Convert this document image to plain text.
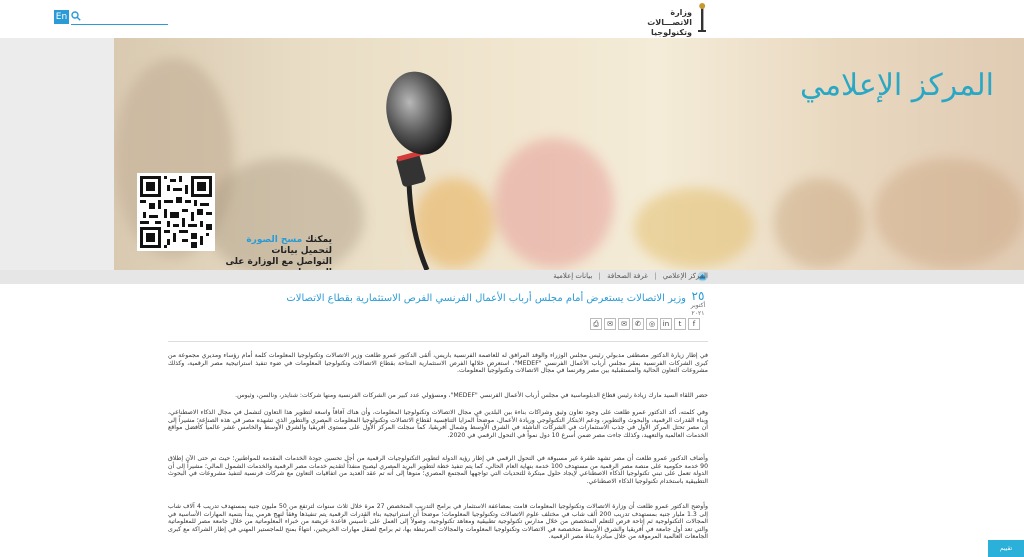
En	وزارة الاتصـــالات
وتكنولوجيا
المركز الإعلامي
يمكنك مسح الصورة لتحميل بيانات
التواصل مع الوزارة على
المركز الإعلامي | غرفة الصحافة | بيانات إعلامية
٢٥
أكتوبر
٢٠٢١
وزير الاتصالات يستعرض أمام مجلس أرباب الأعمال الفرنسي الفرص الاستثمارية بقطاع الاتصالات
f
t
in
◎
✆
✉
✉
⎙

في إطار زيارة الدكتور مصطفى مدبولي رئيس مجلس الوزراء والوفد المرافق له للعاصمة الفرنسية باريس، ألقى الدكتور عمرو طلعت وزير الاتصالات وتكنولوجيا المعلومات كلمة أمام رؤساء ومديري مجموعة من كبرى الشركات الفرنسية بمقر مجلس أرباب الأعمال الفرنسي "MEDEF"، استعرض خلالها الفرص الاستثمارية المتاحة بقطاع الاتصالات وتكنولوجيا المعلومات في ضوء تنفيذ استراتيجية مصر الرقمية، وكذلك مشروعات التعاون الحالية والمستقبلية بين مصر وفرنسا في مجال الاتصالات وتكنولوجيا المعلومات.

حضر اللقاء السيد مارك زيادة رئيس قطاع الدبلوماسية في مجلس أرباب الأعمال الفرنسي "MEDEF"، ومسؤولي عدد كبير من الشركات الفرنسية ومنها شركات: شنايدر، ونالسن، وثيوس.

وفي كلمته، أكد الدكتور عمرو طلعت على وجود تعاون وثيق وشراكات بناءة بين البلدين في مجال الاتصالات وتكنولوجيا المعلومات، وأن هناك آفاقاً واسعة لتطوير هذا التعاون لتشمل في مجال الذكاء الاصطناعي، وبناء القدرات الرقمية، والبحوث والتطوير، ودعم الابتكار التكنولوجي وريادة الأعمال، موضحاً المزايا التنافسية لقطاع الاتصالات وتكنولوجيا المعلومات المصري والتطور الذي تشهده مصر في هذه الصناعة؛ مشيراً إلى أن مصر تحتل المركز الأول في جذب الاستثمارات في الشركات الناشئة في الشرق الأوسط وشمال أفريقيا، كما سجلت المركز الأول على مستوى أفريقيا والشرق الأوسط والخامس عشر عالمياً كأفضل مواقع الخدمات العالمية والتعهيد، وكذلك جاءت مصر ضمن أسرع 10 دول نمواً في التحول الرقمي في 2020.

وأضاف الدكتور عمرو طلعت أن مصر تشهد طفرة غير مسبوقة في التحول الرقمي في إطار رؤية الدولة لتطوير التكنولوجيات الرقمية من أجل تحسين جودة الخدمات المقدمة للمواطنين؛ حيث تم حتى الآن إطلاق 90 خدمة حكومية على منصة مصر الرقمية من مستهدف 100 خدمة بنهاية العام الحالي، كما يتم تنفيذ خطة لتطوير البريد المصري ليصبح منفذاً لتقديم خدمات مصر الرقمية والخدمات الشمول المالي؛ مشيراً إلى أن الدولة تعمل على تبني تكنولوجيا الذكاء الاصطناعي لإيجاد حلول مبتكرة للتحديات التي تواجهها المجتمع المصري؛ منوهاً إلى أنه تم عقد العديد من اتفاقيات التعاون مع شركات فرنسية لتنفيذ مشروعات في البحوث التطبيقية باستخدام تكنولوجيا الذكاء الاصطناعي.

وأوضح الدكتور عمرو طلعت أن وزارة الاتصالات وتكنولوجيا المعلومات قامت بمضاعفة الاستثمار في برامج التدريب المتخصص 27 مرة خلال ثلاث سنوات لترتفع من 50 مليون جنيه بمستهدف تدريب 4 آلاف شاب إلى 1.3 مليار جنيه بمستهدف تدريب 200 ألف شاب في مختلف علوم الاتصالات وتكنولوجيا المعلومات؛ موضحاً أن استراتيجية بناء القدرات الرقمية يتم تنفيذها وفقاً لنهج هرمي يبدأ بتنمية المهارات الأساسية في المجالات التكنولوجية ثم إتاحة فرص للتعلم المتخصص من خلال مدارس تكنولوجية تطبيقية ومعاهد تكنولوجية، وصولاً إلى العمل على تأسيس قاعدة عريضة من خبراء المعلوماتية من خلال جامعة مصر للمعلوماتية والتي تعد أول جامعة في أفريقيا والشرق الأوسط متخصصة في الاتصالات وتكنولوجيا المعلومات والمجالات المرتبطة بها، ثم برامج لصقل مهارات الخريجين، انتهاءً بمنح للماجستير المهني في إطار الشراكة مع كبرى الجامعات العالمية المرموقة من خلال مبادرة بناة مصر الرقمية.

تقييم
